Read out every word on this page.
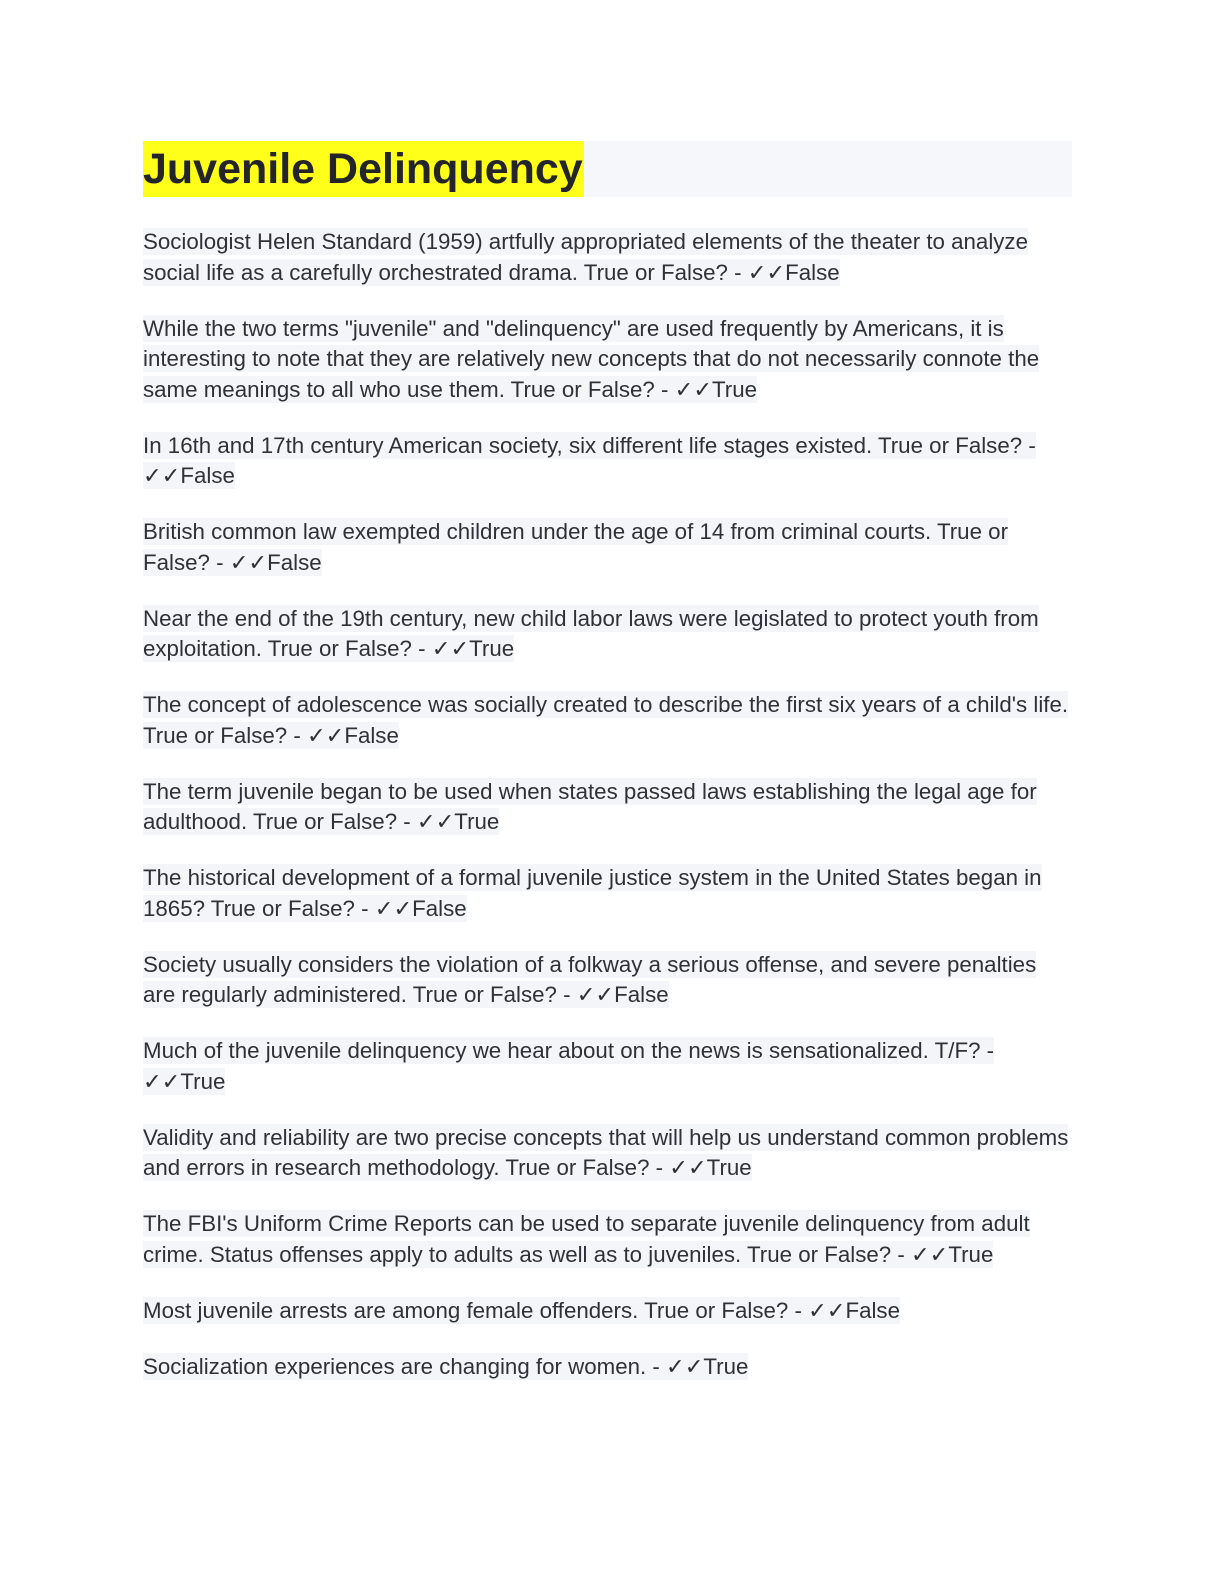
Juvenile Delinquency
Sociologist Helen Standard (1959) artfully appropriated elements of the theater to analyze social life as a carefully orchestrated drama. True or False? - ✓✓False
While the two terms "juvenile" and "delinquency" are used frequently by Americans, it is interesting to note that they are relatively new concepts that do not necessarily connote the same meanings to all who use them. True or False? - ✓✓True
In 16th and 17th century American society, six different life stages existed. True or False? - ✓✓False
British common law exempted children under the age of 14 from criminal courts. True or False? - ✓✓False
Near the end of the 19th century, new child labor laws were legislated to protect youth from exploitation. True or False? - ✓✓True
The concept of adolescence was socially created to describe the first six years of a child's life. True or False? - ✓✓False
The term juvenile began to be used when states passed laws establishing the legal age for adulthood. True or False? - ✓✓True
The historical development of a formal juvenile justice system in the United States began in 1865? True or False? - ✓✓False
Society usually considers the violation of a folkway a serious offense, and severe penalties are regularly administered. True or False? - ✓✓False
Much of the juvenile delinquency we hear about on the news is sensationalized. T/F? - ✓✓True
Validity and reliability are two precise concepts that will help us understand common problems and errors in research methodology. True or False? - ✓✓True
The FBI's Uniform Crime Reports can be used to separate juvenile delinquency from adult crime. Status offenses apply to adults as well as to juveniles. True or False? - ✓✓True
Most juvenile arrests are among female offenders. True or False? - ✓✓False
Socialization experiences are changing for women. - ✓✓True
